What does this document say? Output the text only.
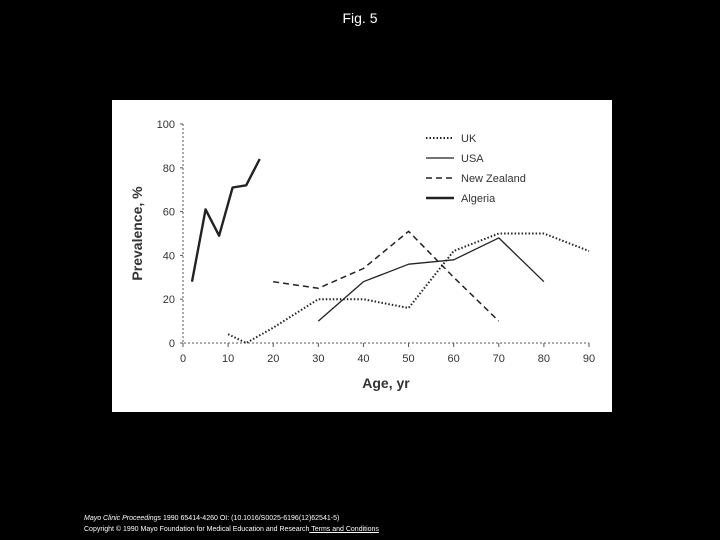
Fig. 5
0
20
40
60
80
100
0	10	20	30	40	50	60	70	80	90
Age, yr
Prevalence, %
UK
USA
New Zealand
Algeria
Mayo Clinic Proceedings 1990 65414-4260 OI: (10.1016/S0025-6196(12)62541-5)
Copyright © 1990 Mayo Foundation for Medical Education and Research Terms and Conditions
